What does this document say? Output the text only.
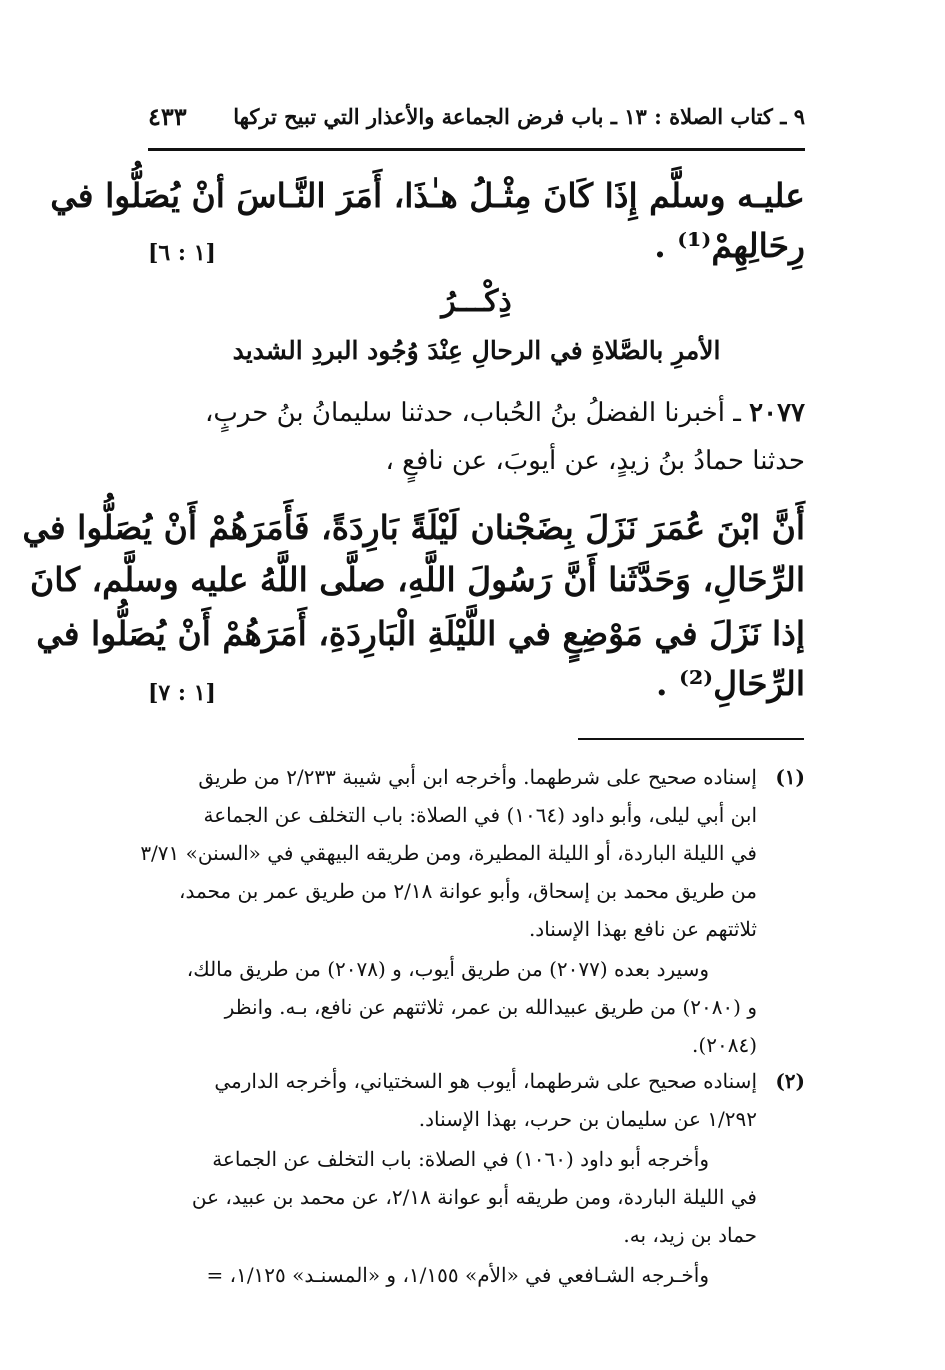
٩ ـ كتاب الصلاة : ١٣ ـ باب فرض الجماعة والأعذار التي تبيح تركها
٤٣٣
عليـه وسلَّم إِذَا كَانَ مِثْـلُ هـٰذَا، أَمَرَ النَّـاسَ أنْ يُصَلُّوا في
رِحَالِهِمْ⁽¹⁾ .
[١ : ٦]
ذِكْـــرُ
الأمرِ بالصَّلاةِ في الرحالِ عِنْدَ وُجُود البردِ الشديد
٢٠٧٧ ـ أخبرنا الفضلُ بنُ الحُباب، حدثنا سليمانُ بنُ حربٍ،
حدثنا حمادُ بنُ زيدٍ، عن أيوبَ، عن نافعٍ ،
أَنَّ ابْنَ عُمَرَ نَزَلَ بِضَجْنان لَيْلَةً بَارِدَةً، فَأَمَرَهُمْ أَنْ يُصَلُّوا في
الرِّحَالِ، وَحَدَّثَنا أَنَّ رَسُولَ اللَّهِ، صلَّى اللَّهُ عليه وسلَّم، كانَ
إذا نَزَلَ في مَوْضِعٍ في اللَّيْلَةِ الْبَارِدَةِ، أَمَرَهُمْ أَنْ يُصَلُّوا في
الرِّحَالِ⁽²⁾ .
[١ : ٧]
(١)
إسناده صحيح على شرطهما. وأخرجه ابن أبي شيبة ٢/٢٣٣ من طريق
ابن أبي ليلى، وأبو داود (١٠٦٤) في الصلاة: باب التخلف عن الجماعة
في الليلة الباردة، أو الليلة المطيرة، ومن طريقه البيهقي في «السنن» ٣/٧١
من طريق محمد بن إسحاق، وأبو عوانة ٢/١٨ من طريق عمر بن محمد،
ثلاثتهم عن نافع بهذا الإسناد.
وسيرد بعده (٢٠٧٧) من طريق أيوب، و (٢٠٧٨) من طريق مالك،
و (٢٠٨٠) من طريق عبيدالله بن عمر، ثلاثتهم عن نافع، بـه. وانظر
(٢٠٨٤).
(٢)
إسناده صحيح على شرطهما، أيوب هو السختياني، وأخرجه الدارمي
١/٢٩٢ عن سليمان بن حرب، بهذا الإسناد.
وأخرجه أبو داود (١٠٦٠) في الصلاة: باب التخلف عن الجماعة
في الليلة الباردة، ومن طريقه أبو عوانة ٢/١٨، عن محمد بن عبيد، عن
حماد بن زيد، به.
وأخـرجه الشـافعي في «الأم» ١/١٥٥، و «المسنـد» ١/١٢٥، =
